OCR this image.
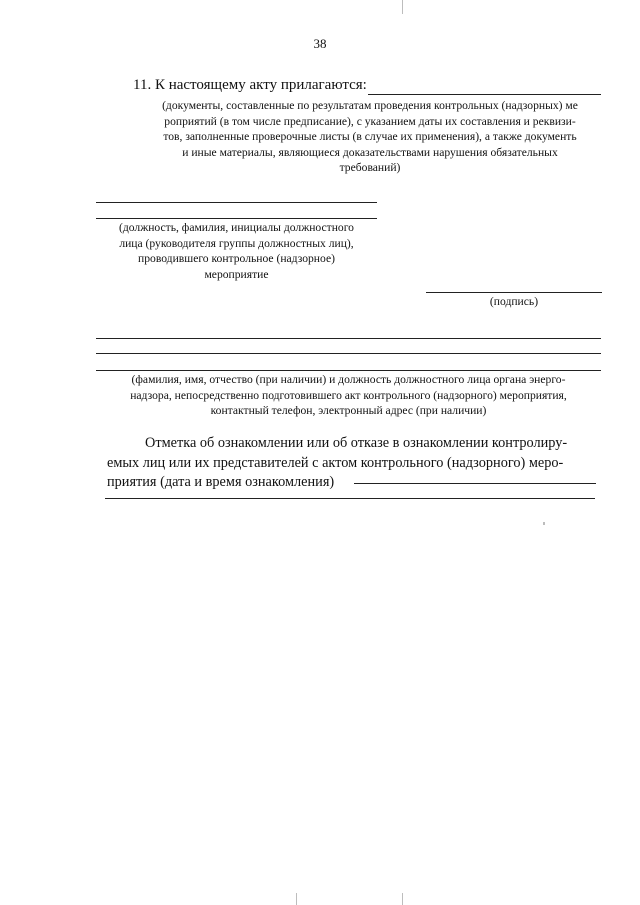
38
11. К настоящему акту прилагаются:
(документы, составленные по результатам проведения контрольных (надзорных) ме
роприятий (в том числе предписание), с указанием даты их составления и реквизи-
тов, заполненные проверочные листы (в случае их применения), а также документь
и иные материалы, являющиеся доказательствами нарушения обязательных
требований)
(должность, фамилия, инициалы должностного
лица (руководителя группы должностных лиц),
проводившего контрольное (надзорное)
мероприятие
(подпись)
(фамилия, имя, отчество (при наличии) и должность должностного лица органа энерго-
надзора, непосредственно подготовившего акт контрольного (надзорного) мероприятия,
контактный телефон, электронный адрес (при наличии)
Отметка об ознакомлении или об отказе в ознакомлении контролиру-
емых лиц или их представителей с актом контрольного (надзорного) меро-
приятия (дата и время ознакомления)
